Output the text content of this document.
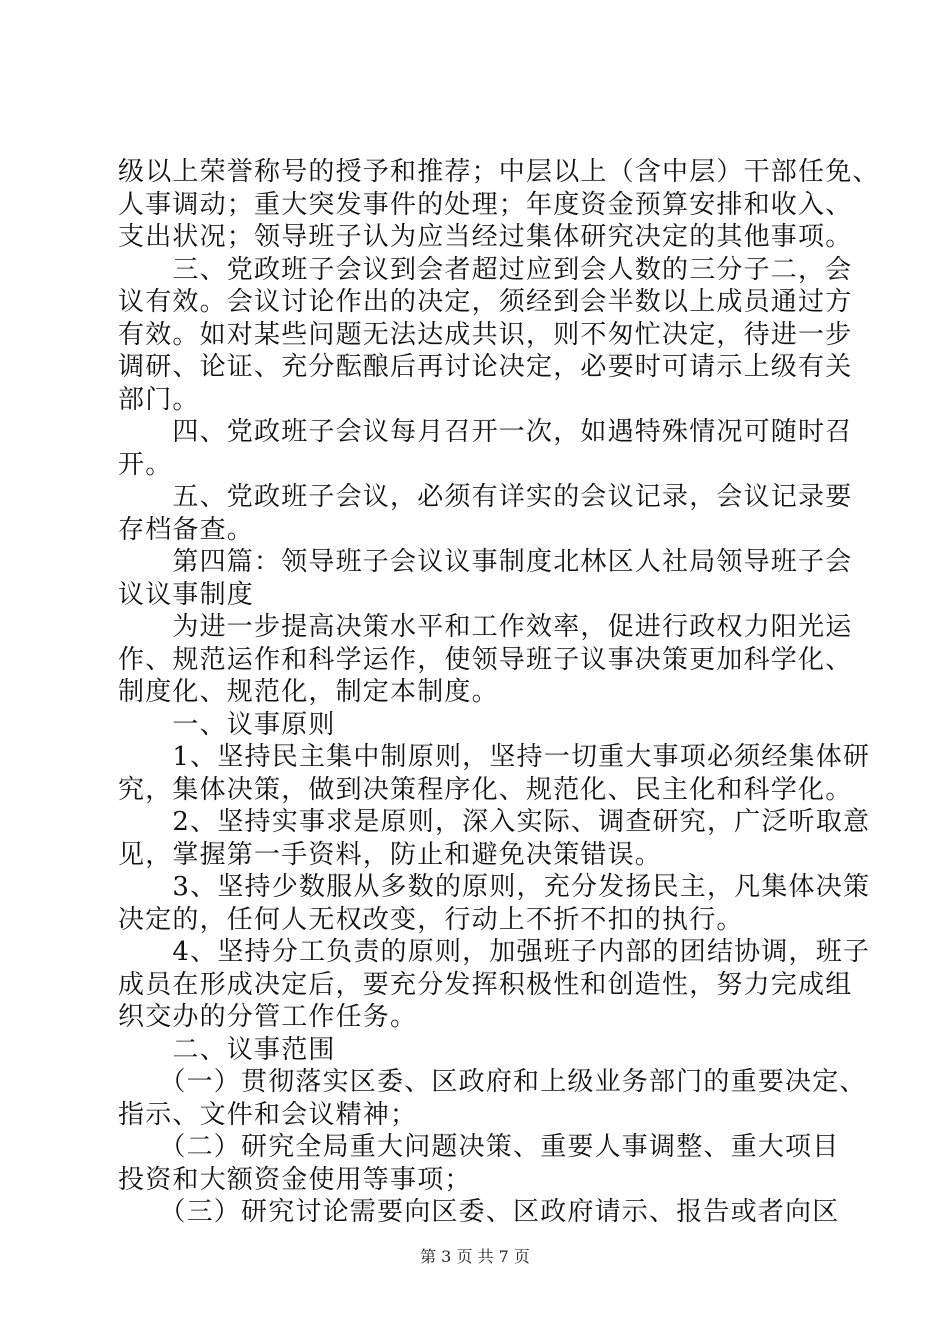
级以上荣誉称号的授予和推荐；中层以上（含中层）干部任免、
人事调动；重大突发事件的处理；年度资金预算安排和收入、
支出状况；领导班子认为应当经过集体研究决定的其他事项。
　　三、党政班子会议到会者超过应到会人数的三分子二，会
议有效。会议讨论作出的决定，须经到会半数以上成员通过方
有效。如对某些问题无法达成共识，则不匆忙决定，待进一步
调研、论证、充分酝酿后再讨论决定，必要时可请示上级有关
部门。
　　四、党政班子会议每月召开一次，如遇特殊情况可随时召
开。
　　五、党政班子会议，必须有详实的会议记录，会议记录要
存档备查。
　　第四篇：领导班子会议议事制度北林区人社局领导班子会
议议事制度
　　为进一步提高决策水平和工作效率，促进行政权力阳光运
作、规范运作和科学运作，使领导班子议事决策更加科学化、
制度化、规范化，制定本制度。
　　一、议事原则
　　1、坚持民主集中制原则，坚持一切重大事项必须经集体研
究，集体决策，做到决策程序化、规范化、民主化和科学化。
　　2、坚持实事求是原则，深入实际、调查研究，广泛听取意
见，掌握第一手资料，防止和避免决策错误。
　　3、坚持少数服从多数的原则，充分发扬民主，凡集体决策
决定的，任何人无权改变，行动上不折不扣的执行。
　　4、坚持分工负责的原则，加强班子内部的团结协调，班子
成员在形成决定后，要充分发挥积极性和创造性，努力完成组
织交办的分管工作任务。
　　二、议事范围
　　（一）贯彻落实区委、区政府和上级业务部门的重要决定、
指示、文件和会议精神；
　　（二）研究全局重大问题决策、重要人事调整、重大项目
投资和大额资金使用等事项；
　　（三）研究讨论需要向区委、区政府请示、报告或者向区
第 3 页 共 7 页
